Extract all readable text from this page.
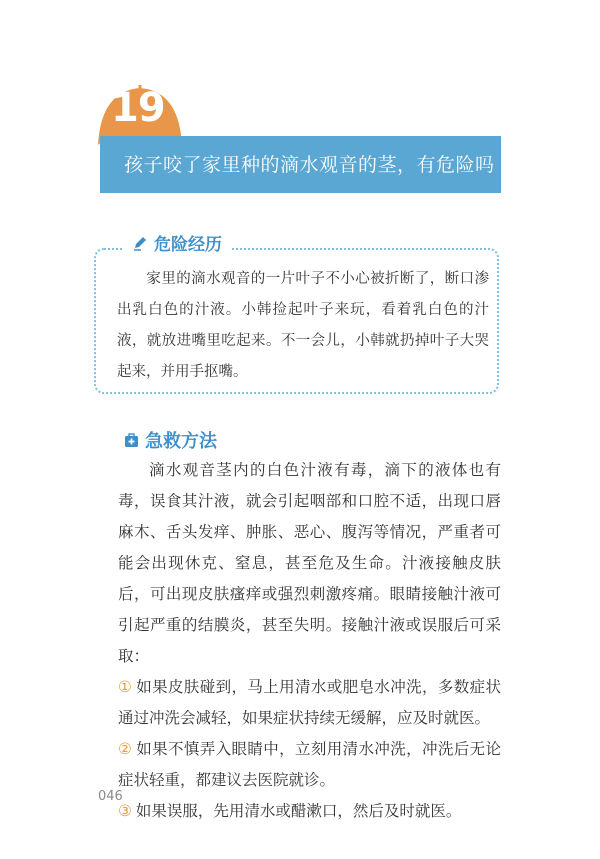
19
孩子咬了家里种的滴水观音的茎，有危险吗
危险经历
家里的滴水观音的一片叶子不小心被折断了，断口渗出乳白色的汁液。小韩捡起叶子来玩，看着乳白色的汁液，就放进嘴里吃起来。不一会儿，小韩就扔掉叶子大哭起来，并用手抠嘴。
急救方法

滴水观音茎内的白色汁液有毒，滴下的液体也有毒，误食其汁液，就会引起咽部和口腔不适，出现口唇麻木、舌头发痒、肿胀、恶心、腹泻等情况，严重者可能会出现休克、窒息，甚至危及生命。汁液接触皮肤后，可出现皮肤瘙痒或强烈刺激疼痛。眼睛接触汁液可引起严重的结膜炎，甚至失明。接触汁液或误服后可采取：

① 如果皮肤碰到，马上用清水或肥皂水冲洗，多数症状通过冲洗会减轻，如果症状持续无缓解，应及时就医。

② 如果不慎弄入眼睛中，立刻用清水冲洗，冲洗后无论症状轻重，都建议去医院就诊。

③ 如果误服，先用清水或醋漱口，然后及时就医。

046
